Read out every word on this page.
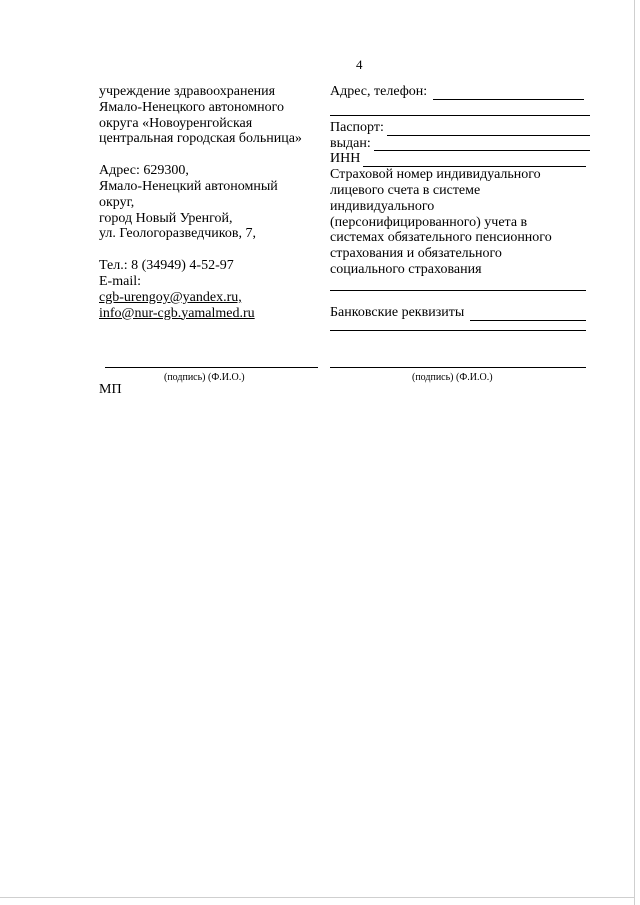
4
учреждение здравоохранения
Ямало-Ненецкого автономного
округа «Новоуренгойская
центральная городская больница»
Адрес: 629300,
Ямало-Ненецкий автономный
округ,
город Новый Уренгой,
ул. Геологоразведчиков, 7,
Тел.: 8 (34949) 4-52-97
E-mail:
cgb-urengoy@yandex.ru,
info@nur-cgb.yamalmed.ru
Адрес, телефон:
Паспорт:
выдан:
ИНН
Страховой номер индивидуального
лицевого счета в системе
индивидуального
(персонифицированного) учета в
системах обязательного пенсионного
страхования и обязательного
социального страхования
Банковские реквизиты
(подпись) (Ф.И.О.)	(подпись) (Ф.И.О.)
МП
